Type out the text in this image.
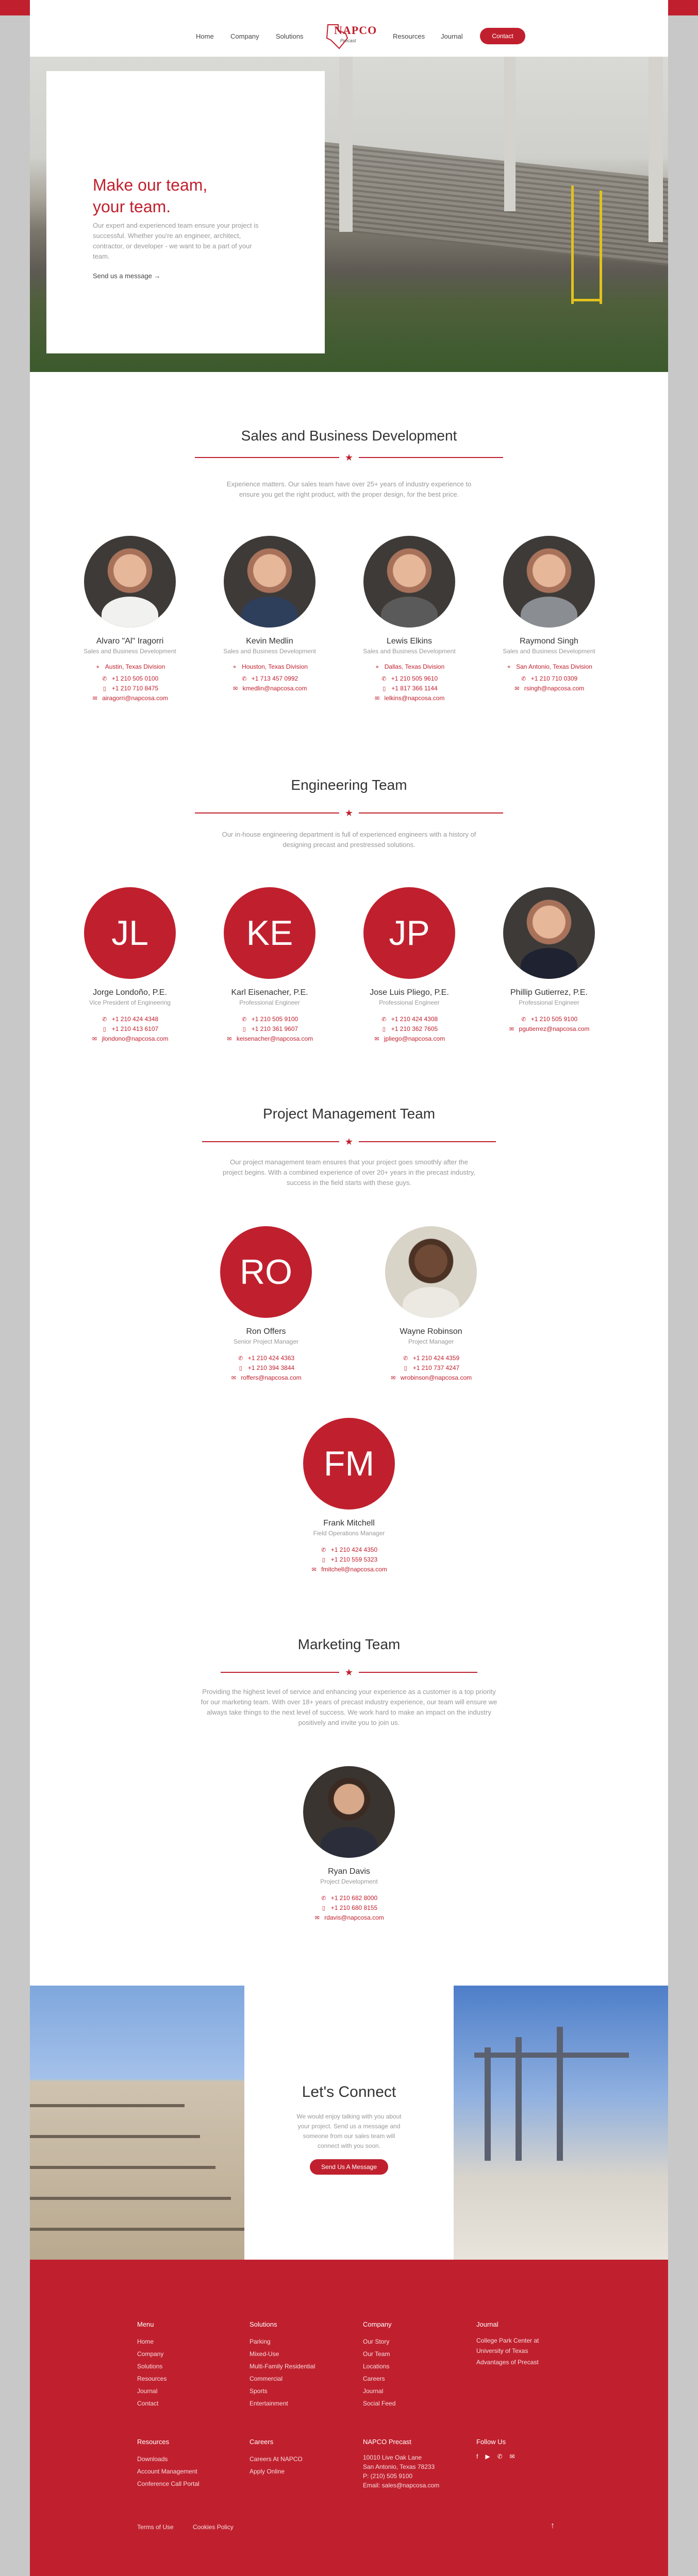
Home Company Solutions	NAPCO
Precast
Resources Journal	Contact
Make our team,
your team.

Our expert and experienced team ensure your project is successful. Whether you're an engineer, architect, contractor, or developer - we want to be a part of your team.

Send us a message →
Sales and Business Development
★
Experience matters. Our sales team have over 25+ years of industry experience to ensure you get the right product, with the proper design, for the best price.
Alvaro "Al" Iragorri
Sales and Business Development
⌖ Austin, Texas Division
✆ +1 210 505 0100
▯ +1 210 710 8475
✉ airagorri@napcosa.com
Kevin Medlin
Sales and Business Development
⌖ Houston, Texas Division
✆ +1 713 457 0992
✉ kmedlin@napcosa.com
Lewis Elkins
Sales and Business Development
⌖ Dallas, Texas Division
✆ +1 210 505 9610
▯ +1 817 366 1144
✉ lelkins@napcosa.com
Raymond Singh
Sales and Business Development
⌖ San Antonio, Texas Division
✆ +1 210 710 0309
✉ rsingh@napcosa.com
Engineering Team
★
Our in-house engineering department is full of experienced engineers with a history of designing precast and prestressed solutions.
JL
Jorge Londoño, P.E.
Vice President of Engineering
✆ +1 210 424 4348
▯ +1 210 413 6107
✉ jlondono@napcosa.com
KE
Karl Eisenacher, P.E.
Professional Engineer
✆ +1 210 505 9100
▯ +1 210 361 9607
✉ keisenacher@napcosa.com
JP
Jose Luis Pliego, P.E.
Professional Engineer
✆ +1 210 424 4308
▯ +1 210 362 7605
✉ jpliego@napcosa.com
Phillip Gutierrez, P.E.
Professional Engineer
✆ +1 210 505 9100
✉ pgutierrez@napcosa.com
Project Management Team
★
Our project management team ensures that your project goes smoothly after the project begins. With a combined experience of over 20+ years in the precast industry, success in the field starts with these guys.
RO
Ron Offers
Senior Project Manager
✆ +1 210 424 4363
▯ +1 210 394 3844
✉ roffers@napcosa.com
Wayne Robinson
Project Manager
✆ +1 210 424 4359
▯ +1 210 737 4247
✉ wrobinson@napcosa.com
FM
Frank Mitchell
Field Operations Manager
✆ +1 210 424 4350
▯ +1 210 559 5323
✉ fmitchell@napcosa.com
Marketing Team
★
Providing the highest level of service and enhancing your experience as a customer is a top priority for our marketing team. With over 18+ years of precast industry experience, our team will ensure we always take things to the next level of success. We work hard to make an impact on the industry positively and invite you to join us.
Ryan Davis
Project Development
✆ +1 210 682 8000
▯ +1 210 680 8155
✉ rdavis@napcosa.com
Let's Connect

We would enjoy talking with you about your project. Send us a message and someone from our sales team will connect with you soon.

Send Us A Message
Menu
Home
Company
Solutions
Resources
Journal
Contact
Solutions
Parking
Mixed-Use
Multi-Family Residential
Commercial
Sports
Entertainment
Company
Our Story
Our Team
Locations
Careers
Journal
Social Feed
Journal
College Park Center at University of Texas
Advantages of Precast
Resources
Downloads
Account Management
Conference Call Portal
Careers
Careers At NAPCO
Apply Online
NAPCO Precast
10010 Live Oak Lane
San Antonio, Texas 78233
P: (210) 505 9100
Email: sales@napcosa.com
Follow Us
f ▶ ✆ ✉
Terms of Use	Cookies Policy	↑
